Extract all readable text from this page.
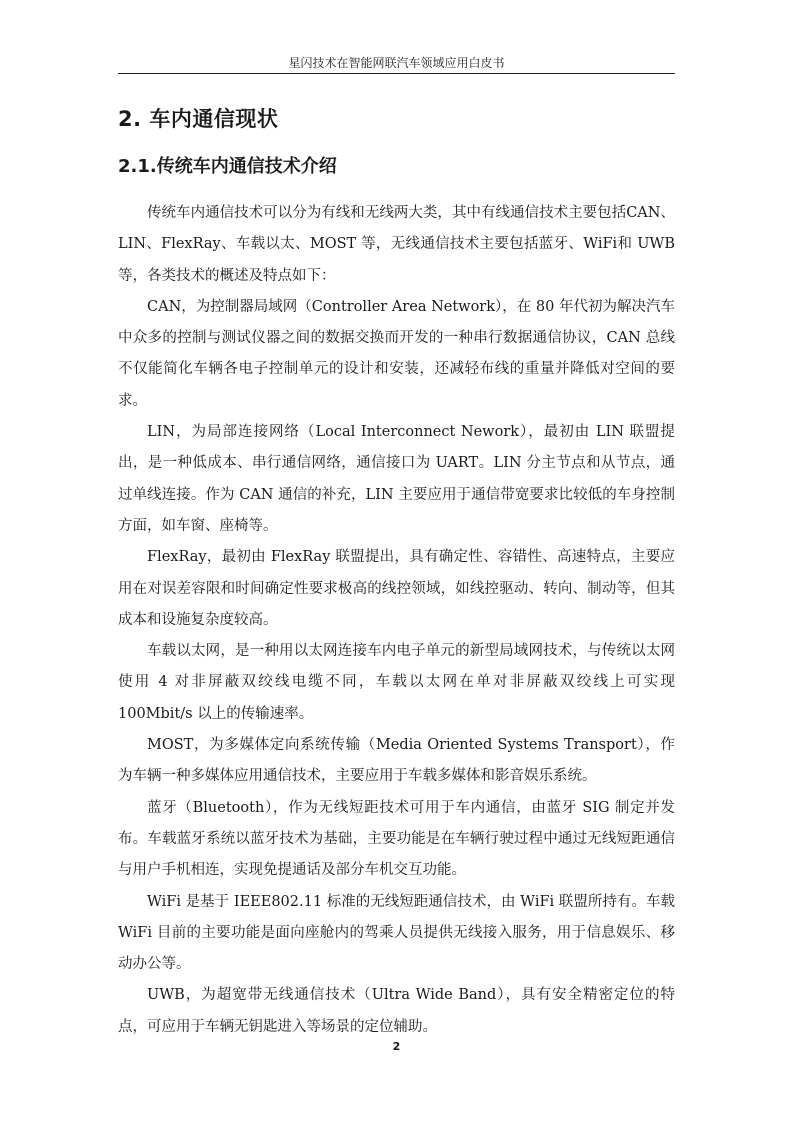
星闪技术在智能网联汽车领域应用白皮书
2. 车内通信现状
2.1.传统车内通信技术介绍

传统车内通信技术可以分为有线和无线两大类，其中有线通信技术主要包括CAN、LIN、FlexRay、车载以太、MOST 等，无线通信技术主要包括蓝牙、WiFi和 UWB 等，各类技术的概述及特点如下：

CAN，为控制器局域网（Controller Area Network），在 80 年代初为解决汽车中众多的控制与测试仪器之间的数据交换而开发的一种串行数据通信协议，CAN 总线不仅能简化车辆各电子控制单元的设计和安装，还减轻布线的重量并降低对空间的要求。

LIN，为局部连接网络（Local Interconnect Nework），最初由 LIN 联盟提出，是一种低成本、串行通信网络，通信接口为 UART。LIN 分主节点和从节点，通过单线连接。作为 CAN 通信的补充，LIN 主要应用于通信带宽要求比较低的车身控制方面，如车窗、座椅等。

FlexRay，最初由 FlexRay 联盟提出，具有确定性、容错性、高速特点，主要应用在对误差容限和时间确定性要求极高的线控领域，如线控驱动、转向、制动等，但其成本和设施复杂度较高。

车载以太网，是一种用以太网连接车内电子单元的新型局域网技术，与传统以太网使用 4 对非屏蔽双绞线电缆不同，车载以太网在单对非屏蔽双绞线上可实现 100Mbit/s 以上的传输速率。

MOST，为多媒体定向系统传输（Media Oriented Systems Transport），作为车辆一种多媒体应用通信技术，主要应用于车载多媒体和影音娱乐系统。

蓝牙（Bluetooth），作为无线短距技术可用于车内通信，由蓝牙 SIG 制定并发布。车载蓝牙系统以蓝牙技术为基础，主要功能是在车辆行驶过程中通过无线短距通信与用户手机相连，实现免提通话及部分车机交互功能。

WiFi 是基于 IEEE802.11 标准的无线短距通信技术，由 WiFi 联盟所持有。车载 WiFi 目前的主要功能是面向座舱内的驾乘人员提供无线接入服务，用于信息娱乐、移动办公等。

UWB，为超宽带无线通信技术（Ultra Wide Band），具有安全精密定位的特点，可应用于车辆无钥匙进入等场景的定位辅助。

2
